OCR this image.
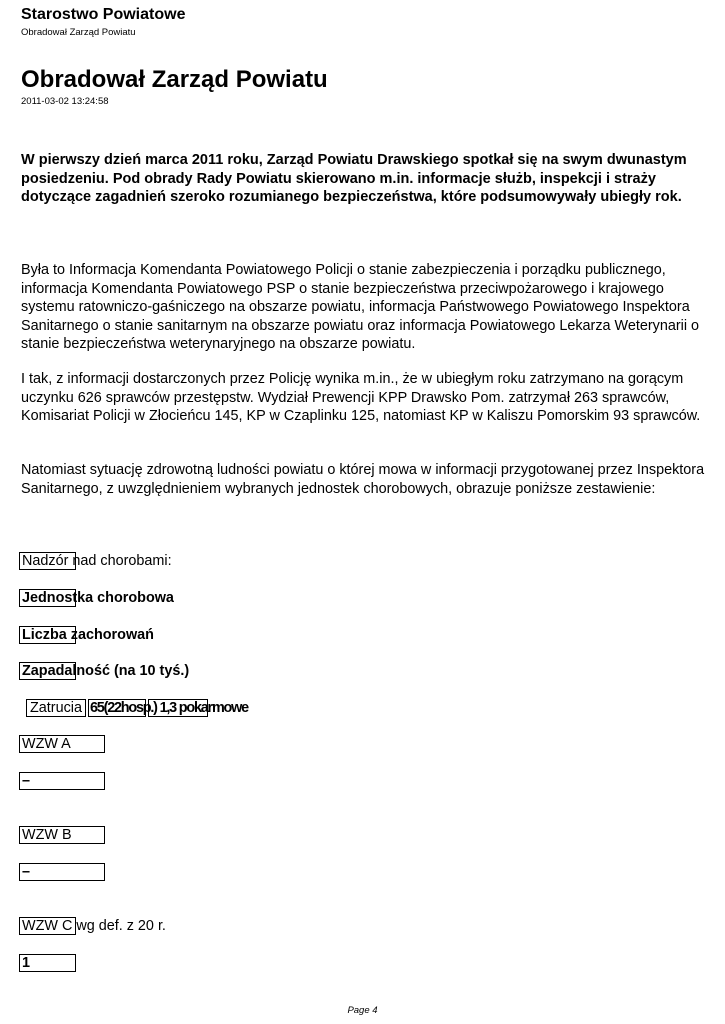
Starostwo Powiatowe
Obradował Zarząd Powiatu
Obradował Zarząd Powiatu
2011-03-02 13:24:58
W pierwszy dzień marca 2011 roku, Zarząd Powiatu Drawskiego spotkał się na swym dwunastym posiedzeniu. Pod obrady Rady Powiatu skierowano m.in. informacje służb, inspekcji i straży dotyczące zagadnień szeroko rozumianego bezpieczeństwa, które podsumowywały ubiegły rok.
Była to Informacja Komendanta Powiatowego Policji o stanie zabezpieczenia i porządku publicznego, informacja Komendanta Powiatowego PSP o stanie bezpieczeństwa przeciwpożarowego i krajowego systemu ratowniczo-gaśniczego na obszarze powiatu, informacja Państwowego Powiatowego Inspektora Sanitarnego o stanie sanitarnym na obszarze powiatu oraz informacja Powiatowego Lekarza Weterynarii o stanie bezpieczeństwa weterynaryjnego na obszarze powiatu.
I tak, z informacji dostarczonych przez Policję wynika m.in., że w ubiegłym roku zatrzymano na gorącym uczynku 626 sprawców przestępstw. Wydział Prewencji KPP Drawsko Pom. zatrzymał 263 sprawców, Komisariat Policji w Złocieńcu 145, KP w Czaplinku 125, natomiast KP w Kaliszu Pomorskim 93 sprawców.
Natomiast sytuację zdrowotną ludności powiatu o której mowa w informacji przygotowanej przez Inspektora Sanitarnego, z uwzględnieniem wybranych jednostek chorobowych, obrazuje poniższe zestawienie:
Nadzór nad chorobami:
Jednostka chorobowa
Liczba zachorowań
Zapadalność (na 10 tyś.)
Zatrucia 65(22hosp.) 1,3 pokarmowe
WZW A
–
WZW B
–
WZW C wg def. z 20 r.
1
Page 4
